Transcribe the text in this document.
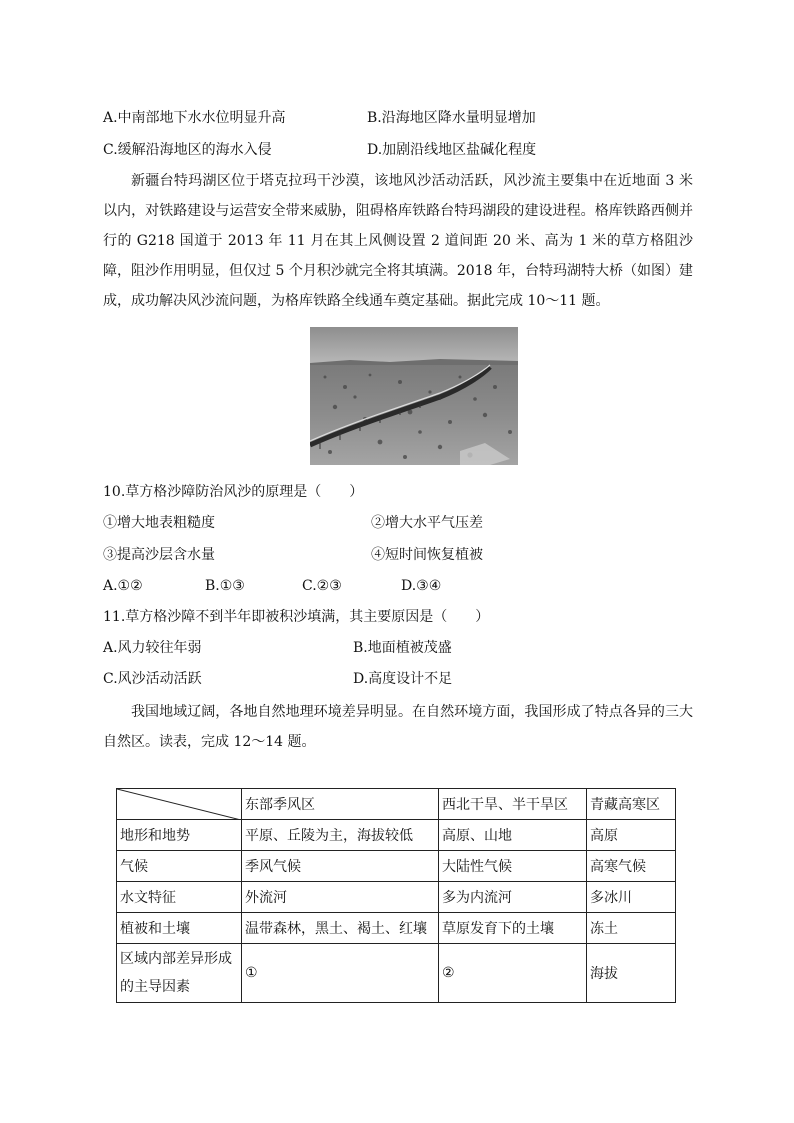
A.中南部地下水水位明显升高	B.沿海地区降水量明显增加
C.缓解沿海地区的海水入侵	D.加剧沿线地区盐碱化程度
新疆台特玛湖区位于塔克拉玛干沙漠，该地风沙活动活跃，风沙流主要集中在近地面 3 米以内，对铁路建设与运营安全带来威胁，阻碍格库铁路台特玛湖段的建设进程。格库铁路西侧并行的 G218 国道于 2013 年 11 月在其上风侧设置 2 道间距 20 米、高为 1 米的草方格阻沙障，阻沙作用明显，但仅过 5 个月积沙就完全将其填满。2018 年，台特玛湖特大桥（如图）建成，成功解决风沙流问题，为格库铁路全线通车奠定基础。据此完成 10～11 题。
10.草方格沙障防治风沙的原理是（　　）
①增大地表粗糙度	②增大水平气压差
③提高沙层含水量	④短时间恢复植被
A.①②	B.①③	C.②③	D.③④
11.草方格沙障不到半年即被积沙填满，其主要原因是（　　）
A.风力较往年弱	B.地面植被茂盛
C.风沙活动活跃	D.高度设计不足
我国地域辽阔，各地自然地理环境差异明显。在自然环境方面，我国形成了特点各异的三大自然区。读表，完成 12～14 题。
	东部季风区	西北干旱、半干旱区	青藏高寒区
地形和地势	平原、丘陵为主，海拔较低	高原、山地	高原
气候	季风气候	大陆性气候	高寒气候
水文特征	外流河	多为内流河	多冰川
植被和土壤	温带森林，黑土、褐土、红壤	草原发育下的土壤	冻土
区域内部差异形成的主导因素	①	②	海拔
